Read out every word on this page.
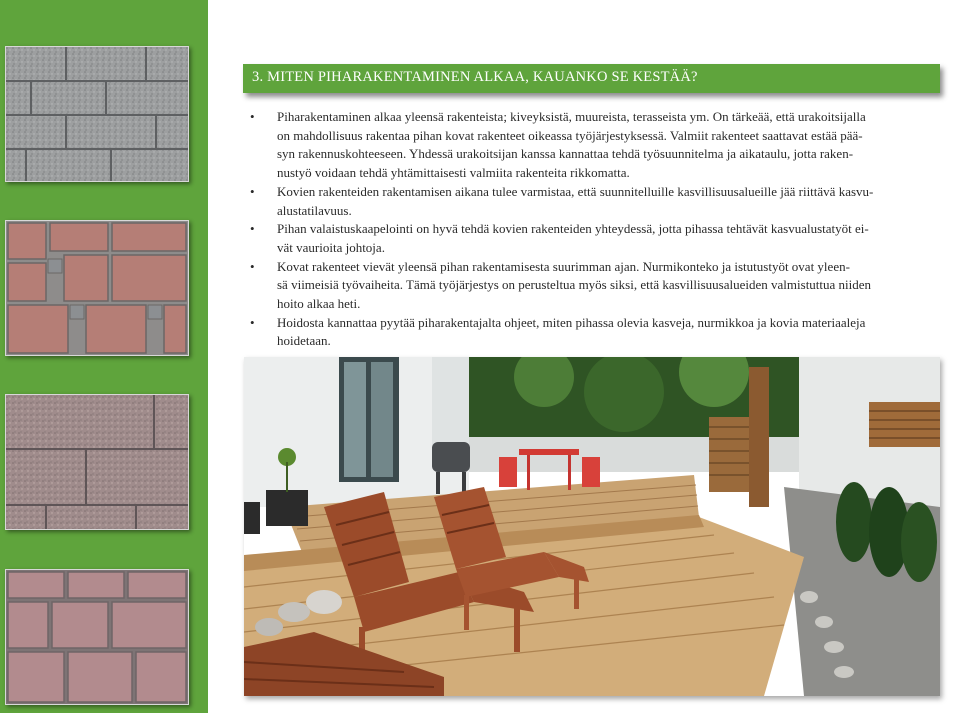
3. MITEN PIHARAKENTAMINEN ALKAA, KAUANKO SE KESTÄÄ?
• Piharakentaminen alkaa yleensä rakenteista; kiveyksistä, muureista, terasseista ym. On tärkeää, että urakoitsijalla
on mahdollisuus rakentaa pihan kovat rakenteet oikeassa työjärjestyksessä. Valmiit rakenteet saattavat estää pää-
syn rakennuskohteeseen. Yhdessä urakoitsijan kanssa kannattaa tehdä työsuunnitelma ja aikataulu, jotta raken-
nustyö voidaan tehdä yhtämittaisesti valmiita rakenteita rikkomatta.
• Kovien rakenteiden rakentamisen aikana tulee varmistaa, että suunnitelluille kasvillisuusalueille jää riittävä kasvu-
alustatilavuus.
• Pihan valaistuskaapelointi on hyvä tehdä kovien rakenteiden yhteydessä, jotta pihassa tehtävät kasvualustatyöt ei-
vät vaurioita johtoja.
• Kovat rakenteet vievät yleensä pihan rakentamisesta suurimman ajan. Nurmikonteko ja istutustyöt ovat yleen-
sä viimeisiä työvaiheita. Tämä työjärjestys on perusteltua myös siksi, että kasvillisuusalueiden valmistuttua niiden
hoito alkaa heti.
• Hoidosta kannattaa pyytää piharakentajalta ohjeet, miten pihassa olevia kasveja, nurmikkoa ja kovia materiaaleja
hoidetaan.
